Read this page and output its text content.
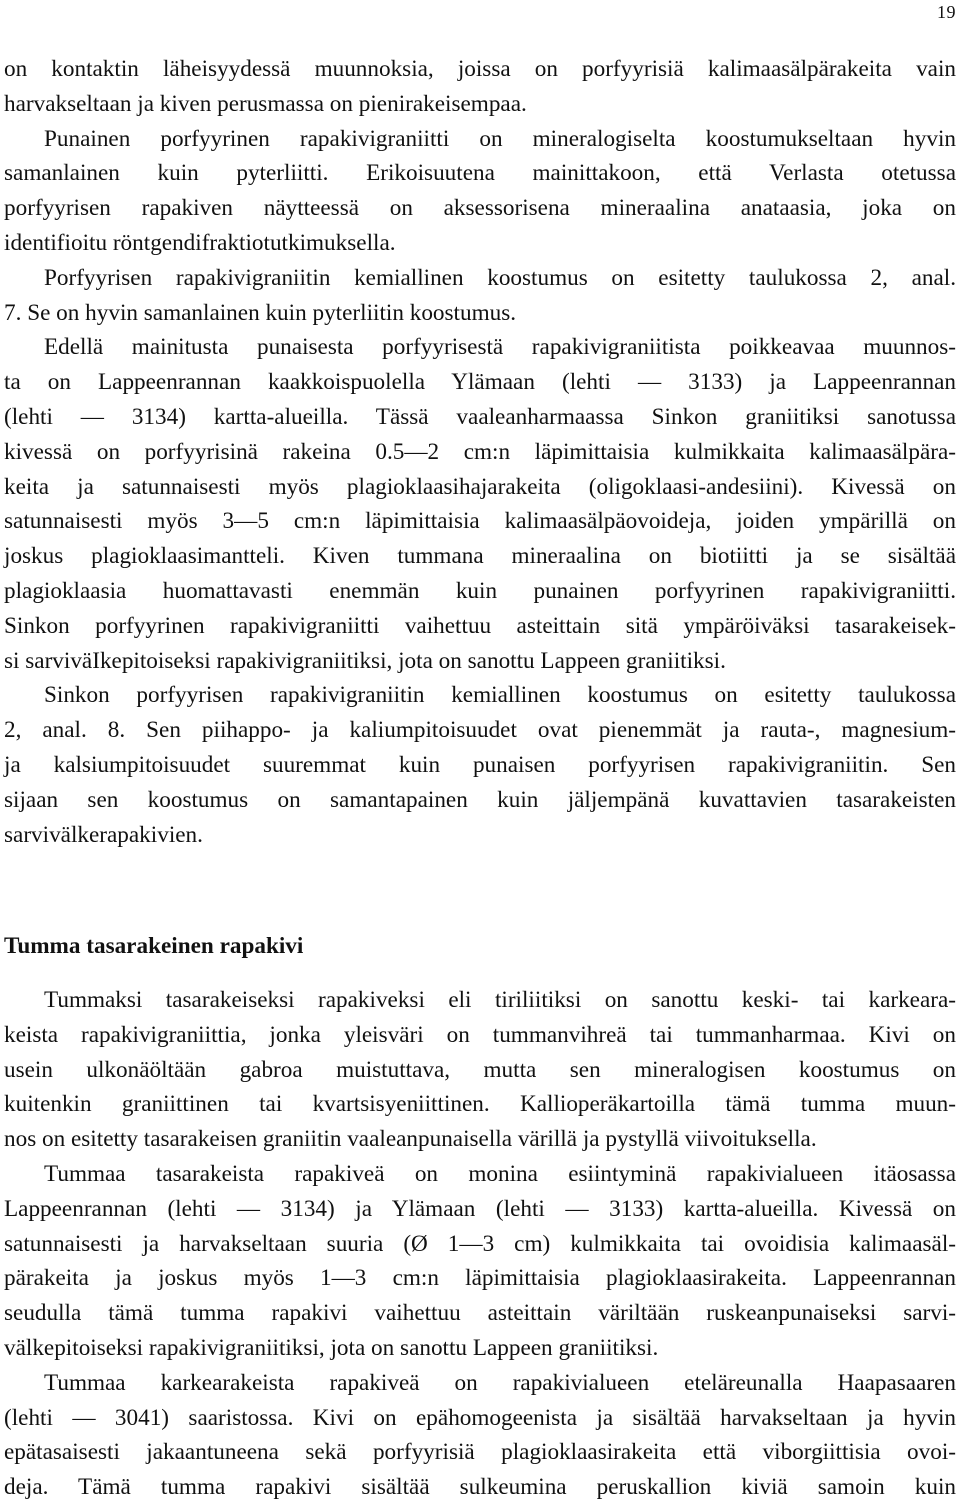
19
on kontaktin läheisyydessä muunnoksia, joissa on porfyyrisiä kalimaasälpärakeita vain
harvakseltaan ja kiven perusmassa on pienirakeisempaa.
Punainen porfyyrinen rapakivigraniitti on mineralogiselta koostumukseltaan hyvin
samanlainen kuin pyterliitti. Erikoisuutena mainittakoon, että Verlasta otetussa
porfyyrisen rapakiven näytteessä on aksessorisena mineraalina anataasia, joka on
identifioitu röntgendifraktiotutkimuksella.
Porfyyrisen rapakivigraniitin kemiallinen koostumus on esitetty taulukossa 2, anal.
7. Se on hyvin samanlainen kuin pyterliitin koostumus.
Edellä mainitusta punaisesta porfyyrisestä rapakivigraniitista poikkeavaa muunnos-
ta on Lappeenrannan kaakkoispuolella Ylämaan (lehti — 3133) ja Lappeenrannan
(lehti — 3134) kartta-alueilla. Tässä vaaleanharmaassa Sinkon graniitiksi sanotussa
kivessä on porfyyrisinä rakeina 0.5—2 cm:n läpimittaisia kulmikkaita kalimaasälpära-
keita ja satunnaisesti myös plagioklaasihajarakeita (oligoklaasi-andesiini). Kivessä on
satunnaisesti myös 3—5 cm:n läpimittaisia kalimaasälpäovoideja, joiden ympärillä on
joskus plagioklaasimantteli. Kiven tummana mineraalina on biotiitti ja se sisältää
plagioklaasia huomattavasti enemmän kuin punainen porfyyrinen rapakivigraniitti.
Sinkon porfyyrinen rapakivigraniitti vaihettuu asteittain sitä ympäröiväksi tasarakeisek-
si sarviväIkepitoiseksi rapakivigraniitiksi, jota on sanottu Lappeen graniitiksi.
Sinkon porfyyrisen rapakivigraniitin kemiallinen koostumus on esitetty taulukossa
2, anal. 8. Sen piihappo- ja kaliumpitoisuudet ovat pienemmät ja rauta-, magnesium-
ja kalsiumpitoisuudet suuremmat kuin punaisen porfyyrisen rapakivigraniitin. Sen
sijaan sen koostumus on samantapainen kuin jäljempänä kuvattavien tasarakeisten
sarvivälkerapakivien.
Tumma tasarakeinen rapakivi
Tummaksi tasarakeiseksi rapakiveksi eli tiriliitiksi on sanottu keski- tai karkeara-
keista rapakivigraniittia, jonka yleisväri on tummanvihreä tai tummanharmaa. Kivi on
usein ulkonäöltään gabroa muistuttava, mutta sen mineralogisen koostumus on
kuitenkin graniittinen tai kvartsisyeniittinen. Kallioperäkartoilla tämä tumma muun-
nos on esitetty tasarakeisen graniitin vaaleanpunaisella värillä ja pystyllä viivoituksella.
Tummaa tasarakeista rapakiveä on monina esiintyminä rapakivialueen itäosassa
Lappeenrannan (lehti — 3134) ja Ylämaan (lehti — 3133) kartta-alueilla. Kivessä on
satunnaisesti ja harvakseltaan suuria (Ø 1—3 cm) kulmikkaita tai ovoidisia kalimaasäl-
pärakeita ja joskus myös 1—3 cm:n läpimittaisia plagioklaasirakeita. Lappeenrannan
seudulla tämä tumma rapakivi vaihettuu asteittain väriltään ruskeanpunaiseksi sarvi-
välkepitoiseksi rapakivigraniitiksi, jota on sanottu Lappeen graniitiksi.
Tummaa karkearakeista rapakiveä on rapakivialueen eteläreunalla Haapasaaren
(lehti — 3041) saaristossa. Kivi on epähomogeenista ja sisältää harvakseltaan ja hyvin
epätasaisesti jakaantuneena sekä porfyyrisiä plagioklaasirakeita että viborgiittisia ovoi-
deja. Tämä tumma rapakivi sisältää sulkeumina peruskallion kiviä samoin kuin
